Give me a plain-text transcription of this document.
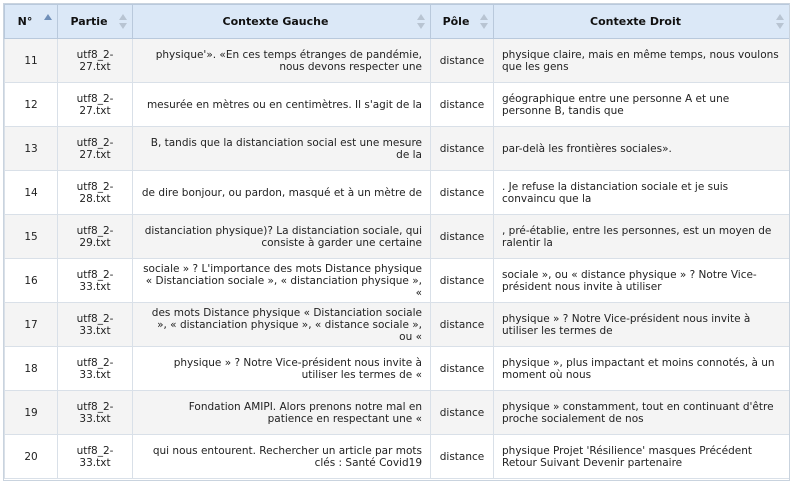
N°	Partie	Contexte Gauche	Pôle	Contexte Droit

11	utf8_2-27.txt	physique'». «En ces temps étranges de pandémie, nous devons respecter une	distance	physique claire, mais en même temps, nous voulons que les gens
12	utf8_2-27.txt	mesurée en mètres ou en centimètres. Il s'agit de la	distance	géographique entre une personne A et une personne B, tandis que
13	utf8_2-27.txt	B, tandis que la distanciation social est une mesure de la	distance	par-delà les frontières sociales».
14	utf8_2-28.txt	de dire bonjour, ou pardon, masqué et à un mètre de	distance	. Je refuse la distanciation sociale et je suis convaincu que la
15	utf8_2-29.txt	distanciation physique)? La distanciation sociale, qui consiste à garder une certaine	distance	, pré-établie, entre les personnes, est un moyen de ralentir la
16	utf8_2-33.txt	sociale » ? L'importance des mots Distance physique « Distanciation sociale », « distanciation physique », «	distance	sociale », ou « distance physique » ? Notre Vice-président nous invite à utiliser
17	utf8_2-33.txt	des mots Distance physique « Distanciation sociale », « distanciation physique », « distance sociale », ou «	distance	physique » ? Notre Vice-président nous invite à utiliser les termes de
18	utf8_2-33.txt	physique » ? Notre Vice-président nous invite à utiliser les termes de «	distance	physique », plus impactant et moins connotés, à un moment où nous
19	utf8_2-33.txt	Fondation AMIPI. Alors prenons notre mal en patience en respectant une «	distance	physique » constamment, tout en continuant d'être proche socialement de nos
20	utf8_2-33.txt	qui nous entourent. Rechercher un article par mots clés : Santé Covid19	distance	physique Projet 'Résilience' masques Précédent Retour Suivant Devenir partenaire
